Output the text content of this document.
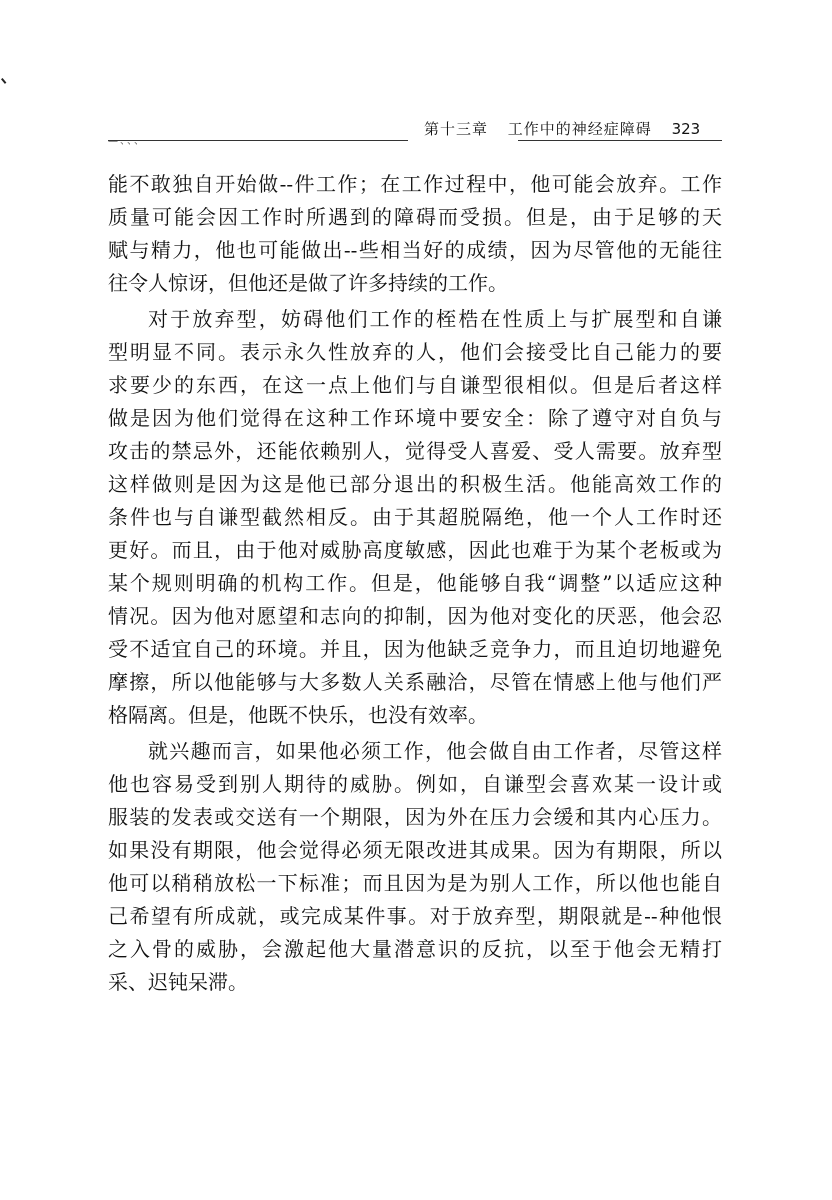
—、、、
第十三章 工作中的神经症障碍 323
能不敢独自开始做--件工作；在工作过程中，他可能会放弃。工作
质量可能会因工作时所遇到的障碍而受损。但是，由于足够的天
赋与精力，他也可能做出--些相当好的成绩，因为尽管他的无能往
往令人惊讶，但他还是做了许多持续的工作。
对于放弃型，妨碍他们工作的桎梏在性质上与扩展型和自谦
型明显不同。表示永久性放弃的人，他们会接受比自己能力的要
求要少的东西，在这一点上他们与自谦型很相似。但是后者这样
做是因为他们觉得在这种工作环境中要安全：除了遵守对自负与
攻击的禁忌外，还能依赖别人，觉得受人喜爱、受人需要。放弃型
这样做则是因为这是他已部分退出的积极生活。他能高效工作的
条件也与自谦型截然相反。由于其超脱隔绝，他一个人工作时还
更好。而且，由于他对威胁高度敏感，因此也难于为某个老板或为
某个规则明确的机构工作。但是，他能够自我“调整”以适应这种
情况。因为他对愿望和志向的抑制，因为他对变化的厌恶，他会忍
受不适宜自己的环境。并且，因为他缺乏竞争力，而且迫切地避免
摩擦，所以他能够与大多数人关系融洽，尽管在情感上他与他们严
格隔离。但是，他既不快乐，也没有效率。
就兴趣而言，如果他必须工作，他会做自由工作者，尽管这样
他也容易受到别人期待的威胁。例如，自谦型会喜欢某一设计或
服装的发表或交送有一个期限，因为外在压力会缓和其内心压力。
如果没有期限，他会觉得必须无限改进其成果。因为有期限，所以
他可以稍稍放松一下标准；而且因为是为别人工作，所以他也能自
己希望有所成就，或完成某件事。对于放弃型，期限就是--种他恨
之入骨的威胁，会激起他大量潜意识的反抗，以至于他会无精打
采、迟钝呆滞。
